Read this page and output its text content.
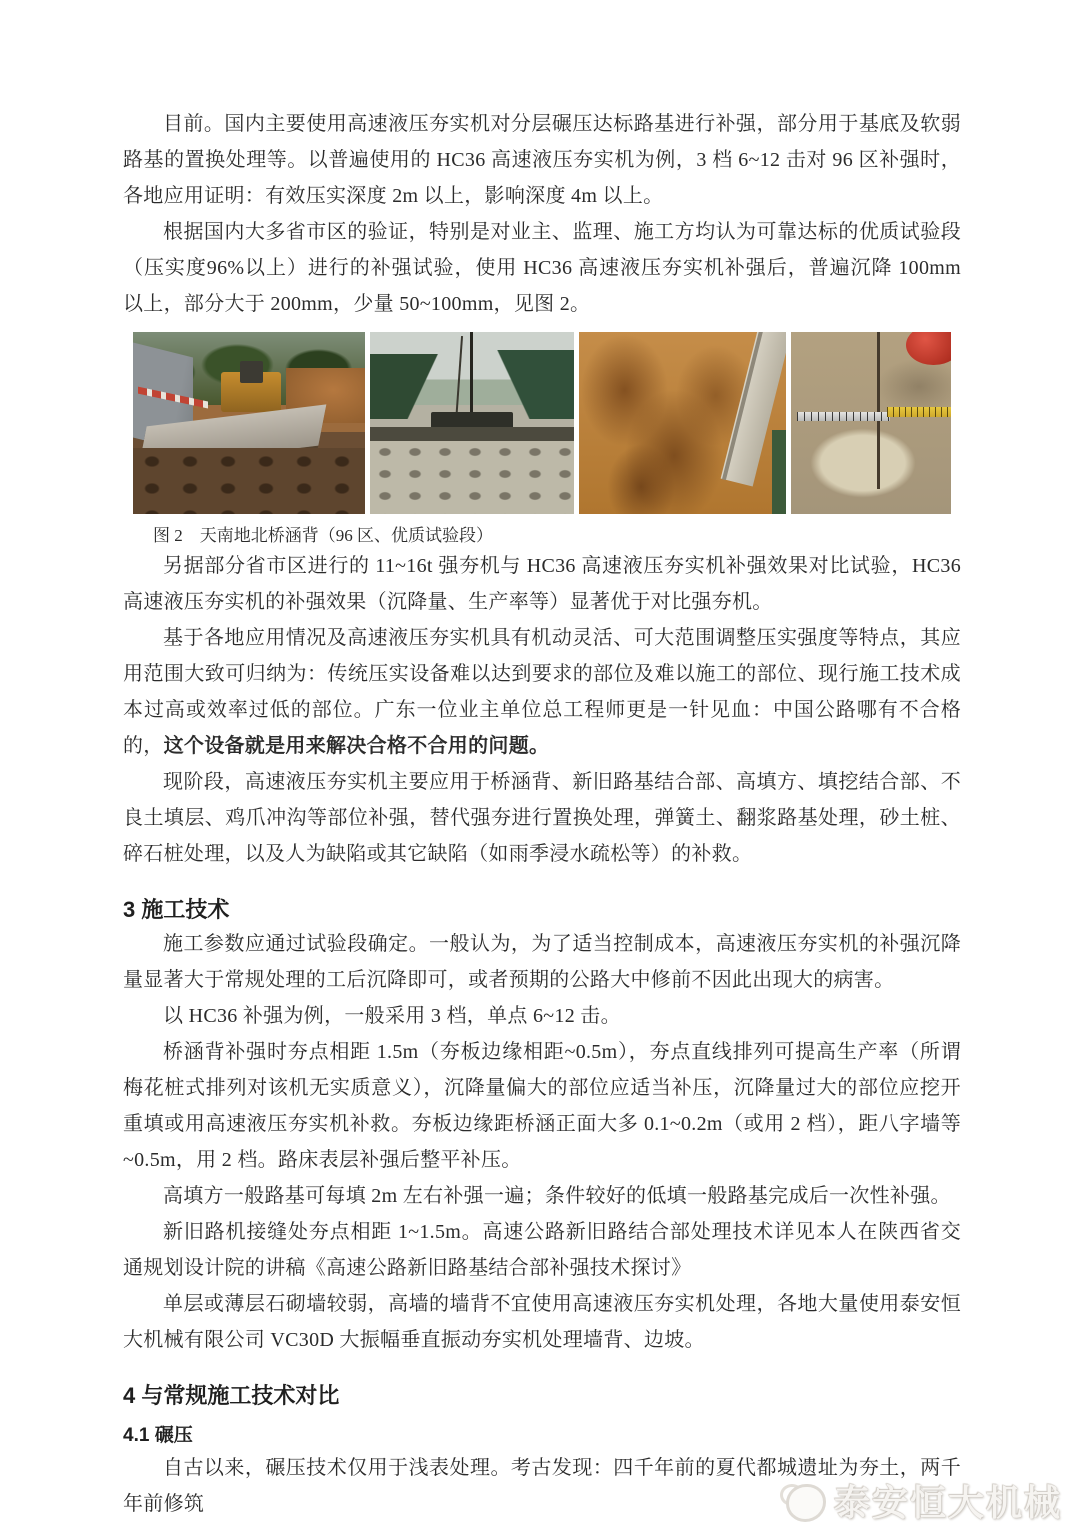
目前。国内主要使用高速液压夯实机对分层碾压达标路基进行补强，部分用于基底及软弱路基的置换处理等。以普遍使用的 HC36 高速液压夯实机为例，3 档 6~12 击对 96 区补强时，各地应用证明：有效压实深度 2m 以上，影响深度 4m 以上。

根据国内大多省市区的验证，特别是对业主、监理、施工方均认为可靠达标的优质试验段（压实度96%以上）进行的补强试验，使用 HC36 高速液压夯实机补强后，普遍沉降 100mm 以上，部分大于 200mm，少量 50~100mm，见图 2。

图 2　天南地北桥涵背（96 区、优质试验段）

另据部分省市区进行的 11~16t 强夯机与 HC36 高速液压夯实机补强效果对比试验，HC36 高速液压夯实机的补强效果（沉降量、生产率等）显著优于对比强夯机。

基于各地应用情况及高速液压夯实机具有机动灵活、可大范围调整压实强度等特点，其应用范围大致可归纳为：传统压实设备难以达到要求的部位及难以施工的部位、现行施工技术成本过高或效率过低的部位。广东一位业主单位总工程师更是一针见血：中国公路哪有不合格的，这个设备就是用来解决合格不合用的问题。

现阶段，高速液压夯实机主要应用于桥涵背、新旧路基结合部、高填方、填挖结合部、不良土填层、鸡爪冲沟等部位补强，替代强夯进行置换处理，弹簧土、翻浆路基处理，砂土桩、碎石桩处理，以及人为缺陷或其它缺陷（如雨季浸水疏松等）的补救。

3 施工技术

施工参数应通过试验段确定。一般认为，为了适当控制成本，高速液压夯实机的补强沉降量显著大于常规处理的工后沉降即可，或者预期的公路大中修前不因此出现大的病害。

以 HC36 补强为例，一般采用 3 档，单点 6~12 击。

桥涵背补强时夯点相距 1.5m（夯板边缘相距~0.5m），夯点直线排列可提高生产率（所谓梅花桩式排列对该机无实质意义），沉降量偏大的部位应适当补压，沉降量过大的部位应挖开重填或用高速液压夯实机补救。夯板边缘距桥涵正面大多 0.1~0.2m（或用 2 档），距八字墙等~0.5m，用 2 档。路床表层补强后整平补压。

高填方一般路基可每填 2m 左右补强一遍；条件较好的低填一般路基完成后一次性补强。

新旧路机接缝处夯点相距 1~1.5m。高速公路新旧路结合部处理技术详见本人在陕西省交通规划设计院的讲稿《高速公路新旧路基结合部补强技术探讨》

单层或薄层石砌墙较弱，高墙的墙背不宜使用高速液压夯实机处理，各地大量使用泰安恒大机械有限公司 VC30D 大振幅垂直振动夯实机处理墙背、边坡。

4 与常规施工技术对比
4.1 碾压

自古以来，碾压技术仅用于浅表处理。考古发现：四千年前的夏代都城遗址为夯土，两千年前修筑	泰安恒大机械
